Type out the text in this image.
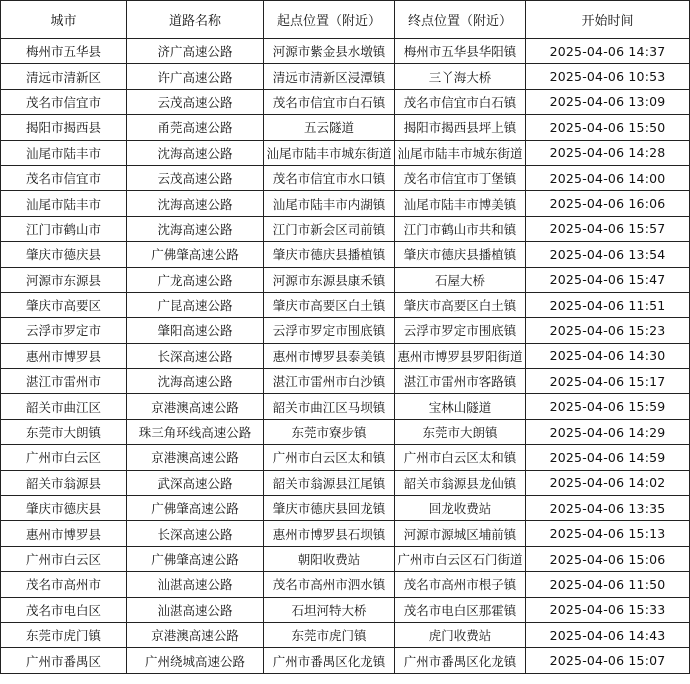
城市	道路名称	起点位置（附近）	终点位置（附近）	开始时间
梅州市五华县	济广高速公路	河源市紫金县水墩镇	梅州市五华县华阳镇	2025-04-06 14:37
清远市清新区	许广高速公路	清远市清新区浸潭镇	三丫海大桥	2025-04-06 10:53
茂名市信宜市	云茂高速公路	茂名市信宜市白石镇	茂名市信宜市白石镇	2025-04-06 13:09
揭阳市揭西县	甬莞高速公路	五云隧道	揭阳市揭西县坪上镇	2025-04-06 15:50
汕尾市陆丰市	沈海高速公路	汕尾市陆丰市城东街道	汕尾市陆丰市城东街道	2025-04-06 14:28
茂名市信宜市	云茂高速公路	茂名市信宜市水口镇	茂名市信宜市丁堡镇	2025-04-06 14:00
汕尾市陆丰市	沈海高速公路	汕尾市陆丰市内湖镇	汕尾市陆丰市博美镇	2025-04-06 16:06
江门市鹤山市	沈海高速公路	江门市新会区司前镇	江门市鹤山市共和镇	2025-04-06 15:57
肇庆市德庆县	广佛肇高速公路	肇庆市德庆县播植镇	肇庆市德庆县播植镇	2025-04-06 13:54
河源市东源县	广龙高速公路	河源市东源县康禾镇	石屋大桥	2025-04-06 15:47
肇庆市高要区	广昆高速公路	肇庆市高要区白土镇	肇庆市高要区白土镇	2025-04-06 11:51
云浮市罗定市	肇阳高速公路	云浮市罗定市围底镇	云浮市罗定市围底镇	2025-04-06 15:23
惠州市博罗县	长深高速公路	惠州市博罗县泰美镇	惠州市博罗县罗阳街道	2025-04-06 14:30
湛江市雷州市	沈海高速公路	湛江市雷州市白沙镇	湛江市雷州市客路镇	2025-04-06 15:17
韶关市曲江区	京港澳高速公路	韶关市曲江区马坝镇	宝林山隧道	2025-04-06 15:59
东莞市大朗镇	珠三角环线高速公路	东莞市寮步镇	东莞市大朗镇	2025-04-06 14:29
广州市白云区	京港澳高速公路	广州市白云区太和镇	广州市白云区太和镇	2025-04-06 14:59
韶关市翁源县	武深高速公路	韶关市翁源县江尾镇	韶关市翁源县龙仙镇	2025-04-06 14:02
肇庆市德庆县	广佛肇高速公路	肇庆市德庆县回龙镇	回龙收费站	2025-04-06 13:35
惠州市博罗县	长深高速公路	惠州市博罗县石坝镇	河源市源城区埔前镇	2025-04-06 15:13
广州市白云区	广佛肇高速公路	朝阳收费站	广州市白云区石门街道	2025-04-06 15:06
茂名市高州市	汕湛高速公路	茂名市高州市泗水镇	茂名市高州市根子镇	2025-04-06 11:50
茂名市电白区	汕湛高速公路	石坦河特大桥	茂名市电白区那霍镇	2025-04-06 15:33
东莞市虎门镇	京港澳高速公路	东莞市虎门镇	虎门收费站	2025-04-06 14:43
广州市番禺区	广州绕城高速公路	广州市番禺区化龙镇	广州市番禺区化龙镇	2025-04-06 15:07
